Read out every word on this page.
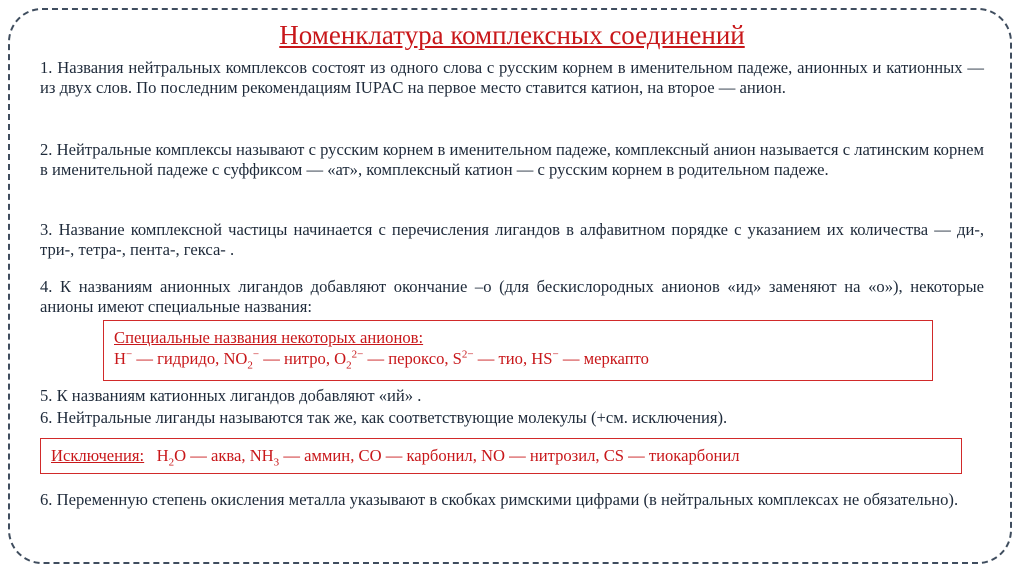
Номенклатура комплексных соединений
1. Названия нейтральных комплексов состоят из одного слова с русским корнем в именительном падеже, анионных и катионных — из двух слов. По последним рекомендациям IUPAC на первое место ставится катион, на второе — анион.
2. Нейтральные комплексы называют с русским корнем в именительном падеже, комплексный анион называется с латинским корнем в именительной падеже с суффиксом — «ат», комплексный катион — с русским корнем в родительном падеже.
3. Название комплексной частицы начинается с перечисления лигандов в алфавитном порядке с указанием их количества — ди-, три-, тетра-, пента-, гекса- .
4. К названиям анионных лигандов добавляют окончание –о (для бескислородных анионов «ид» заменяют на «о»), некоторые анионы имеют специальные названия:
Специальные названия некоторых анионов:
H− — гидридо, $NO_2^-$ — нитро, $O_2^{2-}$ — пероксо, $S^{2-}$ — тио, HS− — меркапто
5. К названиям катионных лигандов добавляют «ий» .
6. Нейтральные лиганды называются так же, как соответствующие молекулы (+см. исключения).
Исключения: $H_2O$ — аква, $NH_3$ — аммин, CO — карбонил, NO — нитрозил, CS — тиокарбонил
6. Переменную степень окисления металла указывают в скобках римскими цифрами (в нейтральных комплексах не обязательно).
